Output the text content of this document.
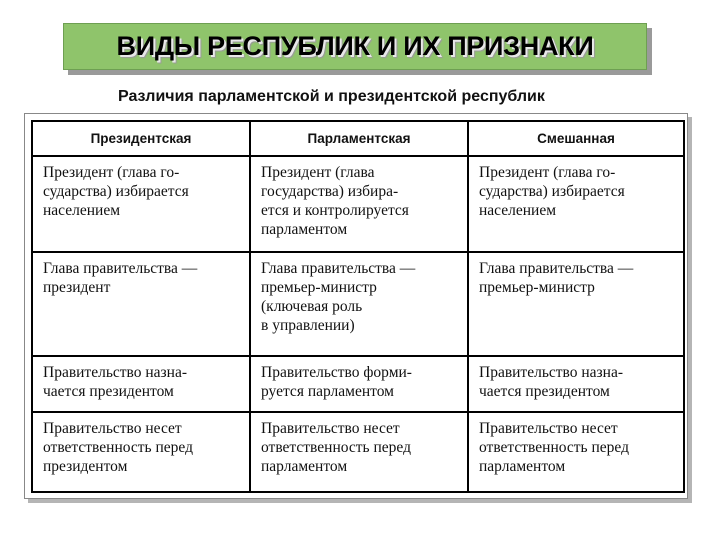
ВИДЫ РЕСПУБЛИК И ИХ ПРИЗНАКИ
Различия парламентской и президентской республик
Президентская	Парламентская	Смешанная

Президент (глава го-
сударства) избирается
населением	Президент (глава
государства) избира-
ется и контролируется
парламентом	Президент (глава го-
сударства) избирается
населением

Глава правительства —
президент	Глава правительства —
премьер-министр
(ключевая роль
в управлении)	Глава правительства —
премьер-министр

Правительство назна-
чается президентом	Правительство форми-
руется парламентом	Правительство назна-
чается президентом

Правительство несет
ответственность перед
президентом	Правительство несет
ответственность перед
парламентом	Правительство несет
ответственность перед
парламентом
